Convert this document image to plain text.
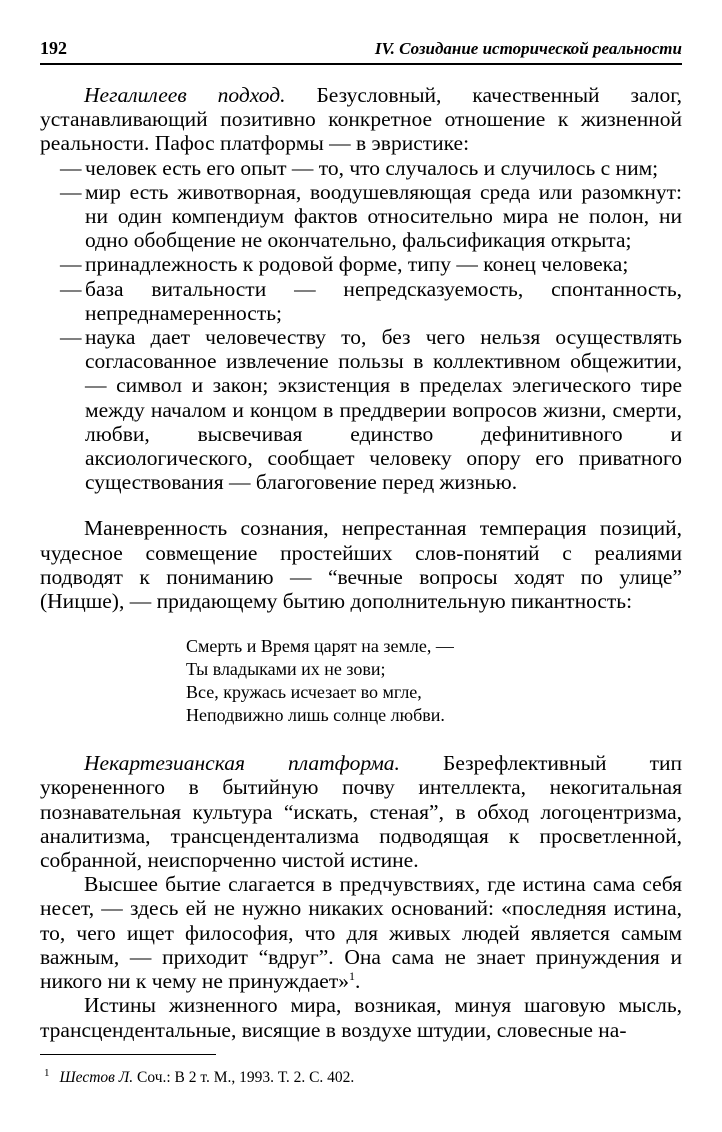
192	IV. Созидание исторической реальности

Негалилеев подход. Безусловный, качественный залог, устанавливающий позитивно конкретное отношение к жизненной реальности. Пафос платформы — в эвристике:

— человек есть его опыт — то, что случалось и случилось с ним;
— мир есть животворная, воодушевляющая среда или разомкнут: ни один компендиум фактов относительно мира не полон, ни одно обобщение не окончательно, фальсификация открыта;
— принадлежность к родовой форме, типу — конец человека;
— база витальности — непредсказуемость, спонтанность, непреднамеренность;
— наука дает человечеству то, без чего нельзя осуществлять согласованное извлечение пользы в коллективном общежитии, — символ и закон; экзистенция в пределах элегического тире между началом и концом в преддверии вопросов жизни, смерти, любви, высвечивая единство дефинитивного и аксиологического, сообщает человеку опору его приватного существования — благоговение перед жизнью.

Маневренность сознания, непрестанная темперация позиций, чудесное совмещение простейших слов-понятий с реалиями подводят к пониманию — “вечные вопросы ходят по улице” (Ницше), — придающему бытию дополнительную пикантность:

Смерть и Время царят на земле, —
Ты владыками их не зови;
Все, кружась исчезает во мгле,
Неподвижно лишь солнце любви.

Некартезианская платформа. Безрефлективный тип укорененного в бытийную почву интеллекта, некогитальная познавательная культура “искать, стеная”, в обход логоцентризма, аналитизма, трансцендентализма подводящая к просветленной, собранной, неиспорченно чистой истине.

Высшее бытие слагается в предчувствиях, где истина сама себя несет, — здесь ей не нужно никаких оснований: «последняя истина, то, чего ищет философия, что для живых людей является самым важным, — приходит “вдруг”. Она сама не знает принуждения и никого ни к чему не принуждает»$^1$.

Истины жизненного мира, возникая, минуя шаговую мысль, трансцендентальные, висящие в воздухе штудии, словесные на-

$^1$ Шестов Л. Соч.: В 2 т. М., 1993. Т. 2. С. 402.
